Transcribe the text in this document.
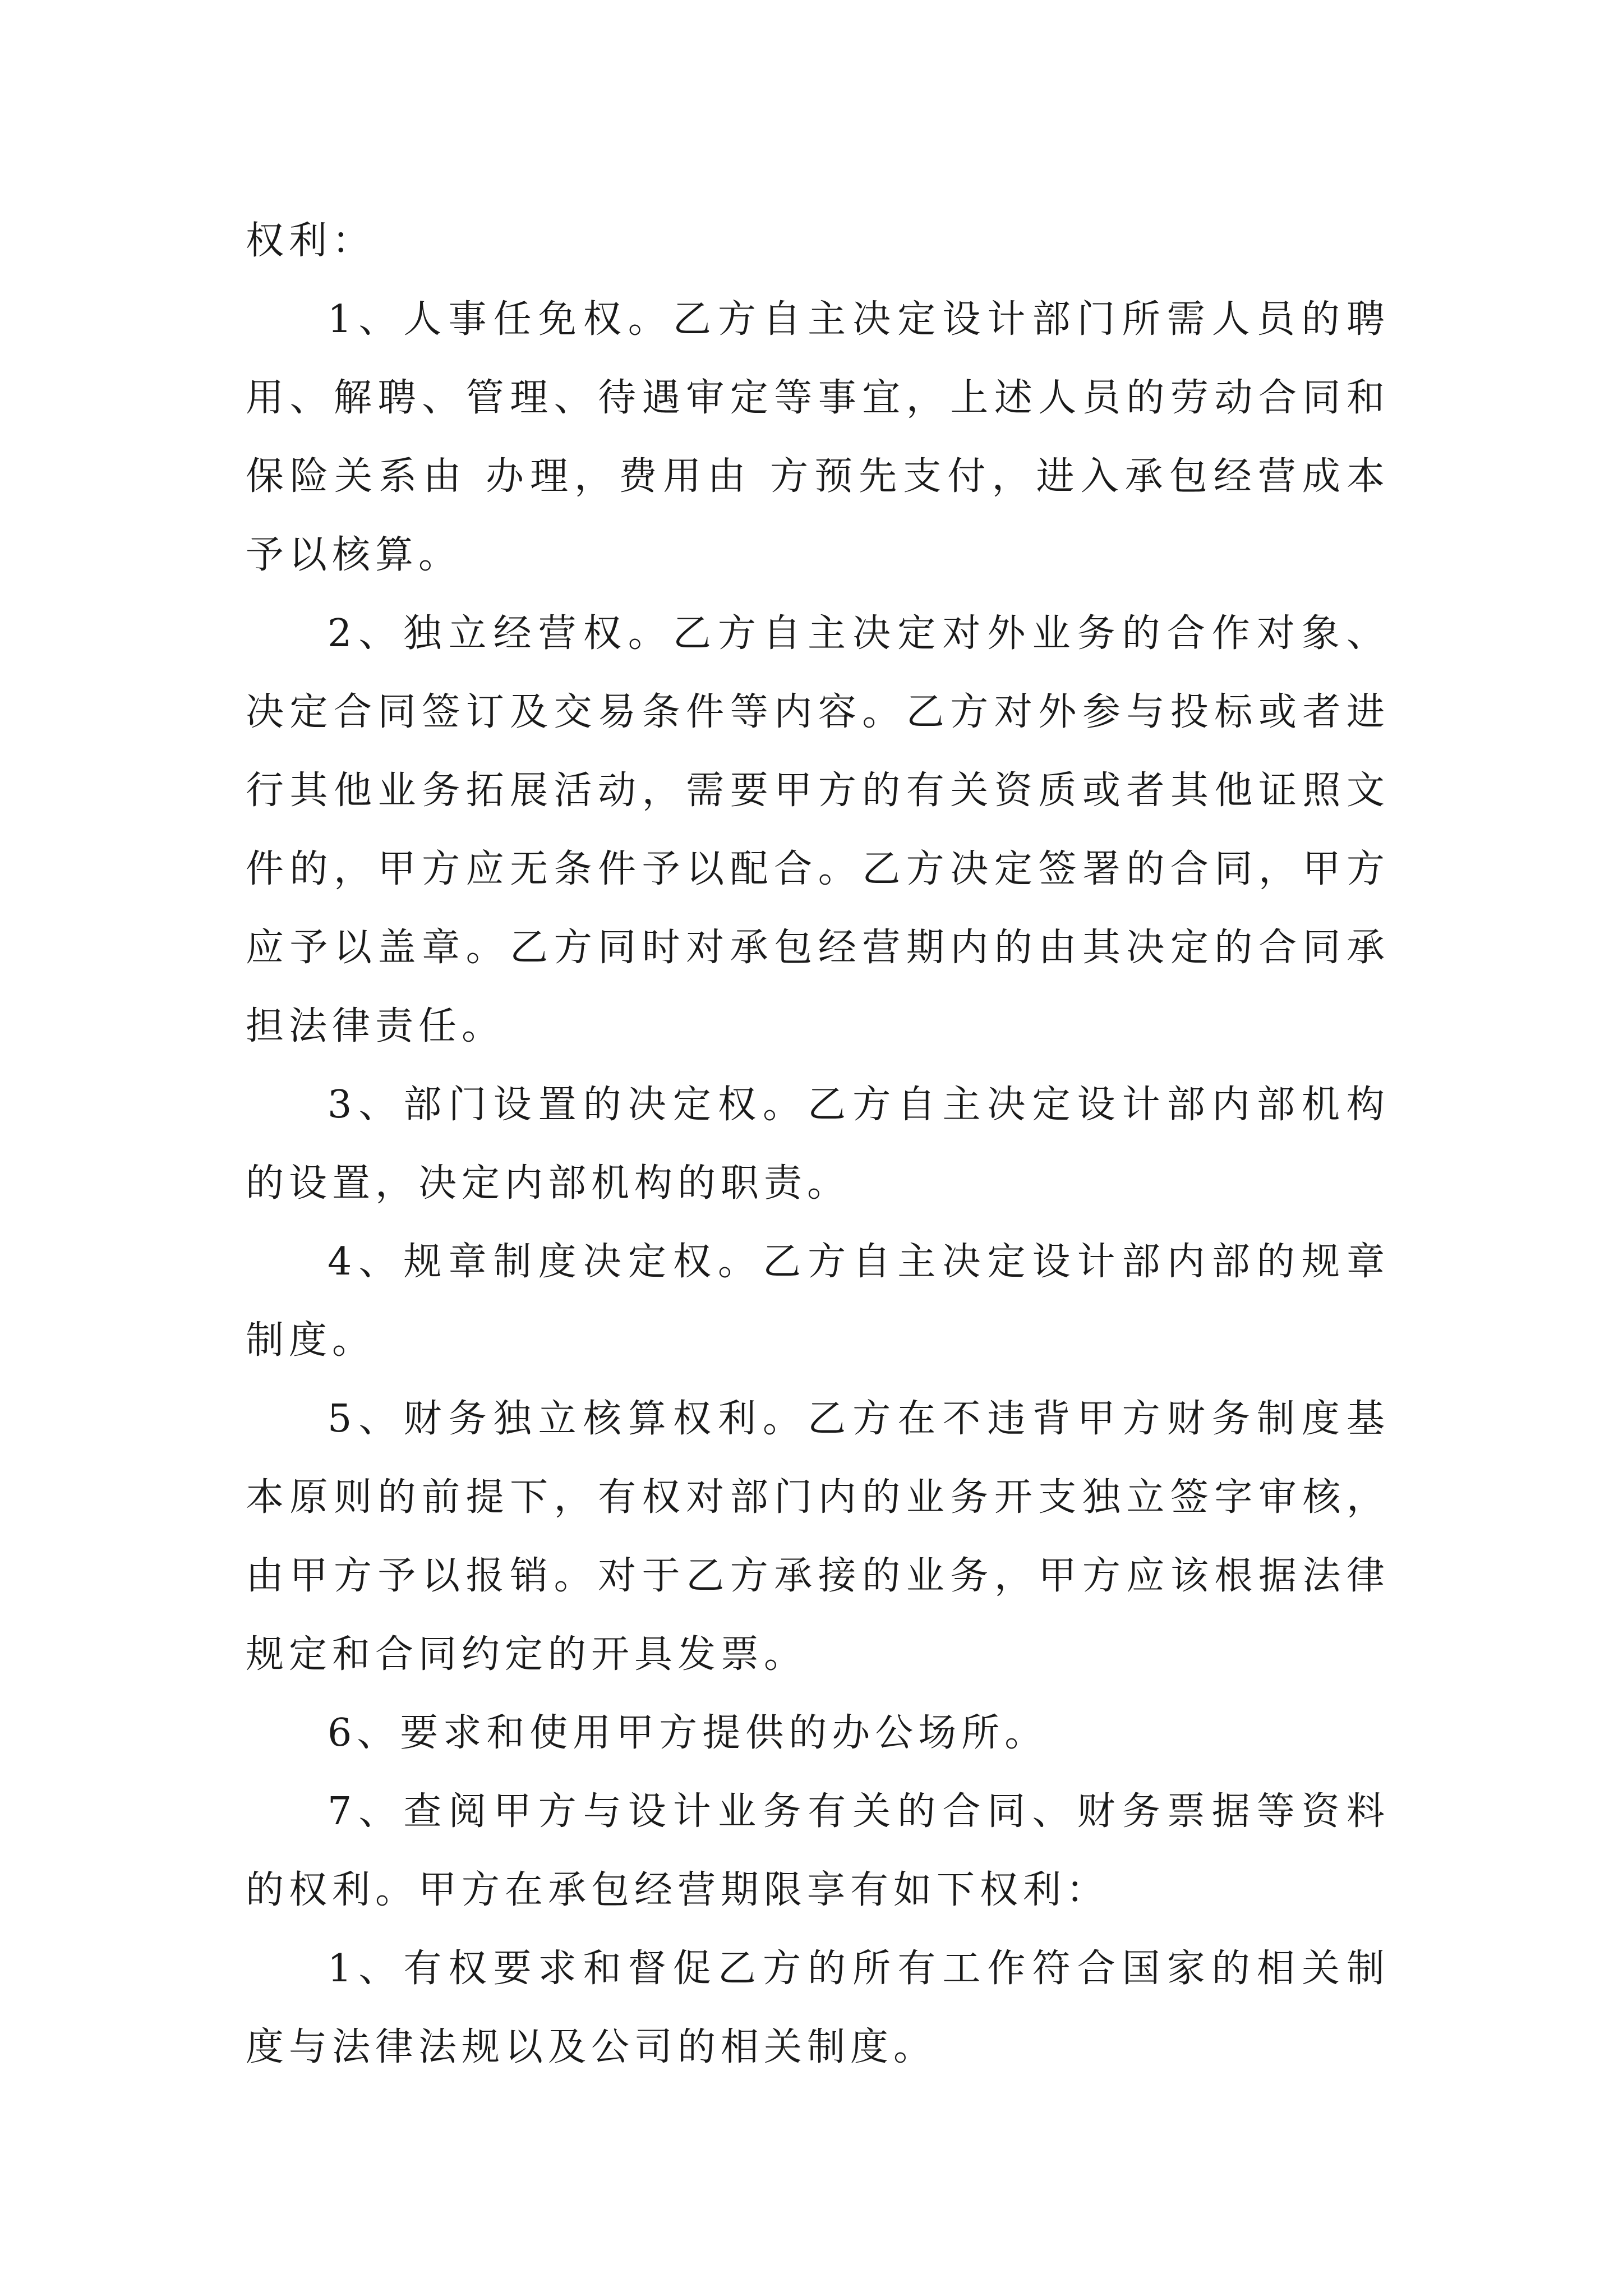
权利：

1、人事任免权。乙方自主决定设计部门所需人员的聘用、解聘、管理、待遇审定等事宜，上述人员的劳动合同和保险关系由 办理，费用由 方预先支付，进入承包经营成本予以核算。

2、独立经营权。乙方自主决定对外业务的合作对象、决定合同签订及交易条件等内容。乙方对外参与投标或者进行其他业务拓展活动，需要甲方的有关资质或者其他证照文件的，甲方应无条件予以配合。乙方决定签署的合同，甲方应予以盖章。乙方同时对承包经营期内的由其决定的合同承担法律责任。

3、部门设置的决定权。乙方自主决定设计部内部机构的设置，决定内部机构的职责。

4、规章制度决定权。乙方自主决定设计部内部的规章制度。

5、财务独立核算权利。乙方在不违背甲方财务制度基本原则的前提下，有权对部门内的业务开支独立签字审核，由甲方予以报销。对于乙方承接的业务，甲方应该根据法律规定和合同约定的开具发票。

6、要求和使用甲方提供的办公场所。

7、查阅甲方与设计业务有关的合同、财务票据等资料的权利。甲方在承包经营期限享有如下权利：

1、有权要求和督促乙方的所有工作符合国家的相关制度与法律法规以及公司的相关制度。
